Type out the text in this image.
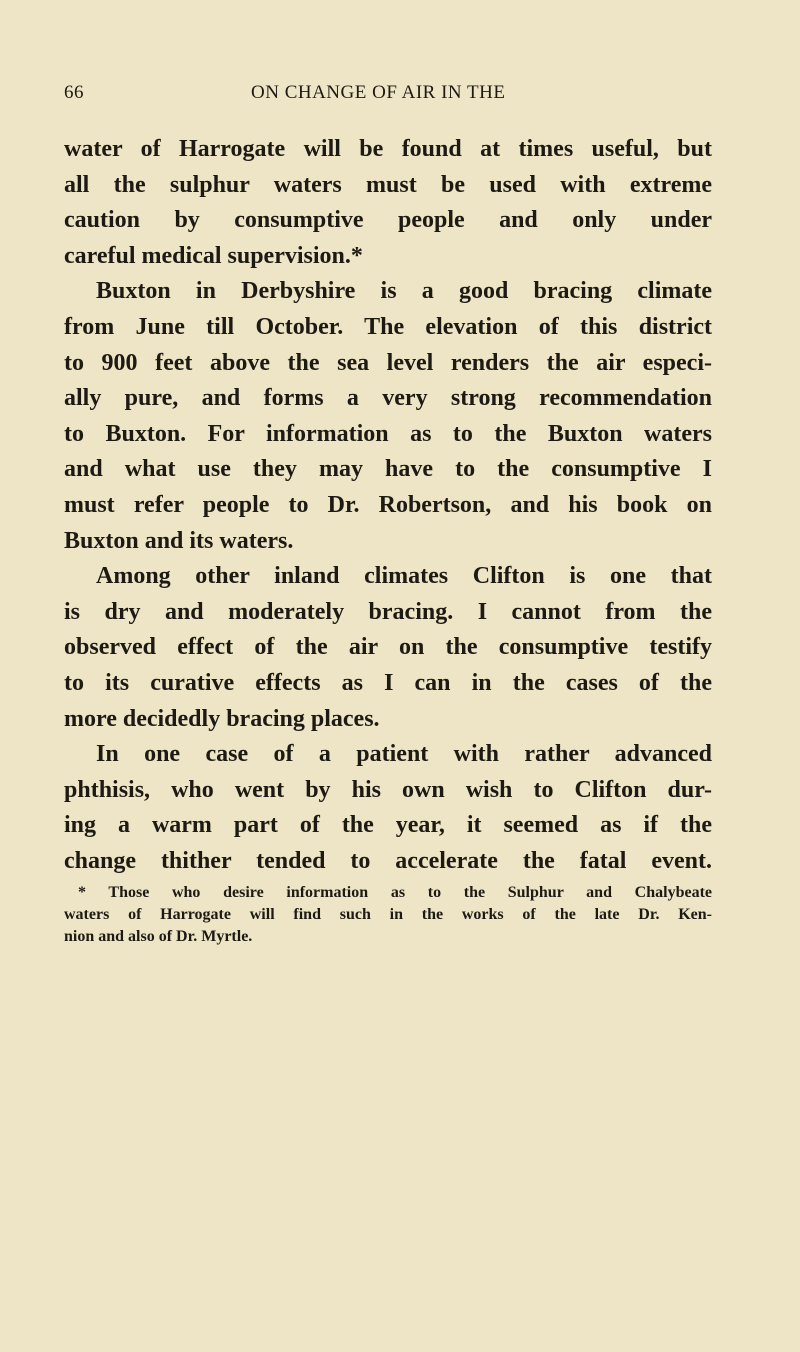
66	ON CHANGE OF AIR IN THE
water of Harrogate will be found at times useful, but
all the sulphur waters must be used with extreme
caution by consumptive people and only under
careful medical supervision.*
Buxton in Derbyshire is a good bracing climate
from June till October. The elevation of this district
to 900 feet above the sea level renders the air especi-
ally pure, and forms a very strong recommendation
to Buxton. For information as to the Buxton waters
and what use they may have to the consumptive I
must refer people to Dr. Robertson, and his book on
Buxton and its waters.
Among other inland climates Clifton is one that
is dry and moderately bracing. I cannot from the
observed effect of the air on the consumptive testify
to its curative effects as I can in the cases of the
more decidedly bracing places.
In one case of a patient with rather advanced
phthisis, who went by his own wish to Clifton dur-
ing a warm part of the year, it seemed as if the
change thither tended to accelerate the fatal event.
* Those who desire information as to the Sulphur and Chalybeate
waters of Harrogate will find such in the works of the late Dr. Ken-
nion and also of Dr. Myrtle.
